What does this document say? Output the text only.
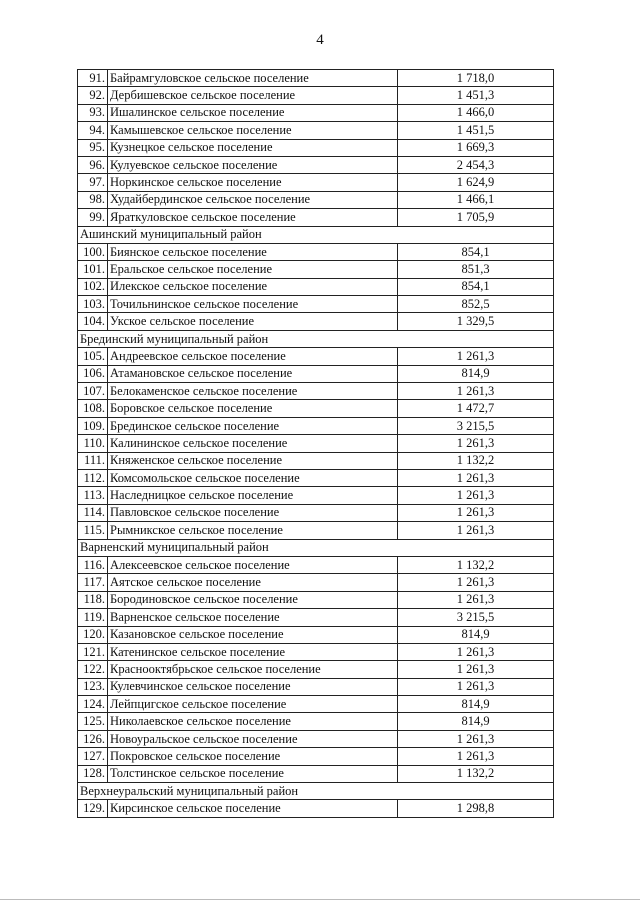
4
91.	Байрамгуловское сельское поселение	1 718,0
92.	Дербишевское сельское поселение	1 451,3
93.	Ишалинское сельское поселение	1 466,0
94.	Камышевское сельское поселение	1 451,5
95.	Кузнецкое сельское поселение	1 669,3
96.	Кулуевское сельское поселение	2 454,3
97.	Норкинское сельское поселение	1 624,9
98.	Худайбердинское сельское поселение	1 466,1
99.	Яраткуловское сельское поселение	1 705,9
Ашинский муниципальный район		
100.	Биянское сельское поселение	854,1
101.	Еральское сельское поселение	851,3
102.	Илекское сельское поселение	854,1
103.	Точильнинское сельское поселение	852,5
104.	Укское сельское поселение	1 329,5
Брединский муниципальный район		
105.	Андреевское сельское поселение	1 261,3
106.	Атамановское сельское поселение	814,9
107.	Белокаменское сельское поселение	1 261,3
108.	Боровское сельское поселение	1 472,7
109.	Брединское сельское поселение	3 215,5
110.	Калининское сельское поселение	1 261,3
111.	Княженское сельское поселение	1 132,2
112.	Комсомольское сельское поселение	1 261,3
113.	Наследницкое сельское поселение	1 261,3
114.	Павловское сельское поселение	1 261,3
115.	Рымникское сельское поселение	1 261,3
Варненский муниципальный район		
116.	Алексеевское сельское поселение	1 132,2
117.	Аятское сельское поселение	1 261,3
118.	Бородиновское сельское поселение	1 261,3
119.	Варненское сельское поселение	3 215,5
120.	Казановское сельское поселение	814,9
121.	Катенинское сельское поселение	1 261,3
122.	Краснооктябрьское сельское поселение	1 261,3
123.	Кулевчинское сельское поселение	1 261,3
124.	Лейпцигское сельское поселение	814,9
125.	Николаевское сельское поселение	814,9
126.	Новоуральское сельское поселение	1 261,3
127.	Покровское сельское поселение	1 261,3
128.	Толстинское сельское поселение	1 132,2
Верхнеуральский муниципальный район		
129.	Кирсинское сельское поселение	1 298,8
